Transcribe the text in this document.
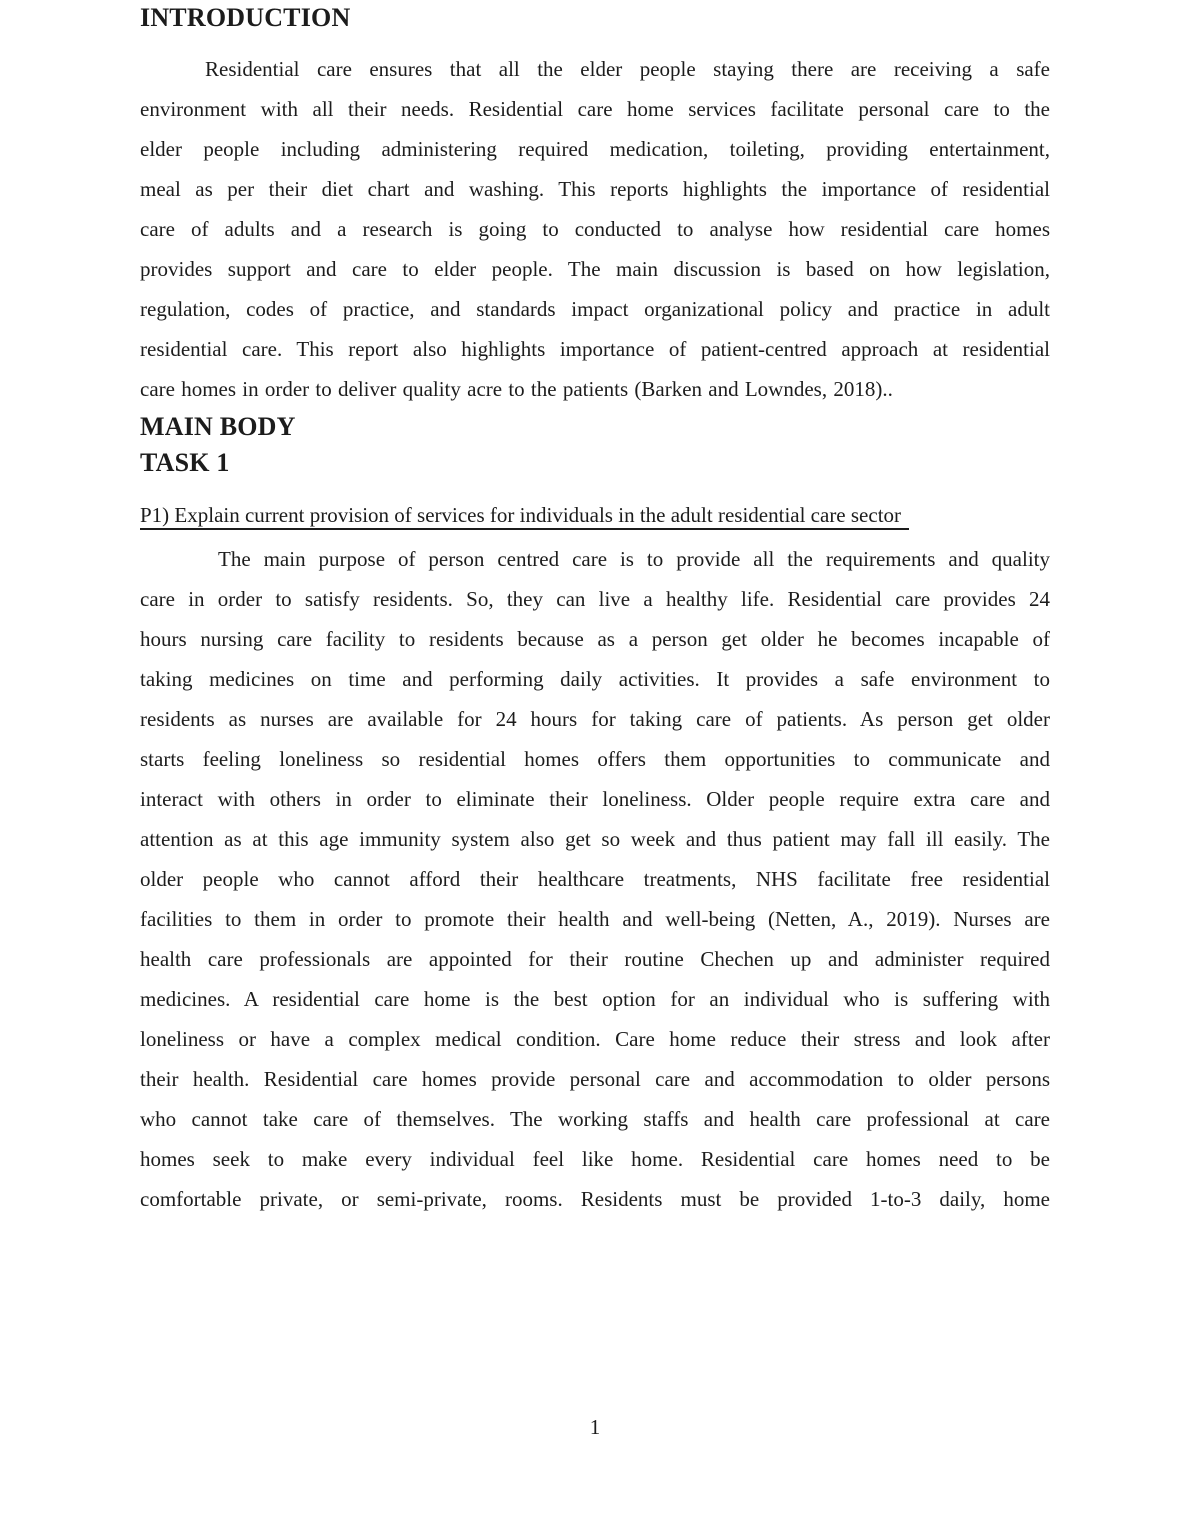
INTRODUCTION
Residential care ensures that all the elder people staying there are receiving a safe
environment with all their needs. Residential care home services facilitate personal care to the
elder people including administering required medication, toileting, providing entertainment,
meal as per their diet chart and washing. This reports highlights the importance of residential
care of adults and a research is going to conducted to analyse how residential care homes
provides support and care to elder people. The main discussion is based on how legislation,
regulation, codes of practice, and standards impact organizational policy and practice in adult
residential care. This report also highlights importance of patient-centred approach at residential
care homes in order to deliver quality acre to the patients (Barken and Lowndes, 2018)..
MAIN BODY
TASK 1
P1) Explain current provision of services for individuals in the adult residential care sector
The main purpose of person centred care is to provide all the requirements and quality
care in order to satisfy residents. So, they can live a healthy life. Residential care provides 24
hours nursing care facility to residents because as a person get older he becomes incapable of
taking medicines on time and performing daily activities. It provides a safe environment to
residents as nurses are available for 24 hours for taking care of patients. As person get older
starts feeling loneliness so residential homes offers them opportunities to communicate and
interact with others in order to eliminate their loneliness. Older people require extra care and
attention as at this age immunity system also get so week and thus patient may fall ill easily. The
older people who cannot afford their healthcare treatments, NHS facilitate free residential
facilities to them in order to promote their health and well-being (Netten, A., 2019). Nurses are
health care professionals are appointed for their routine Chechen up and administer required
medicines. A residential care home is the best option for an individual who is suffering with
loneliness or have a complex medical condition. Care home reduce their stress and look after
their health. Residential care homes provide personal care and accommodation to older persons
who cannot take care of themselves. The working staffs and health care professional at care
homes seek to make every individual feel like home. Residential care homes need to be
comfortable private, or semi-private, rooms. Residents must be provided 1-to-3 daily, home
1
